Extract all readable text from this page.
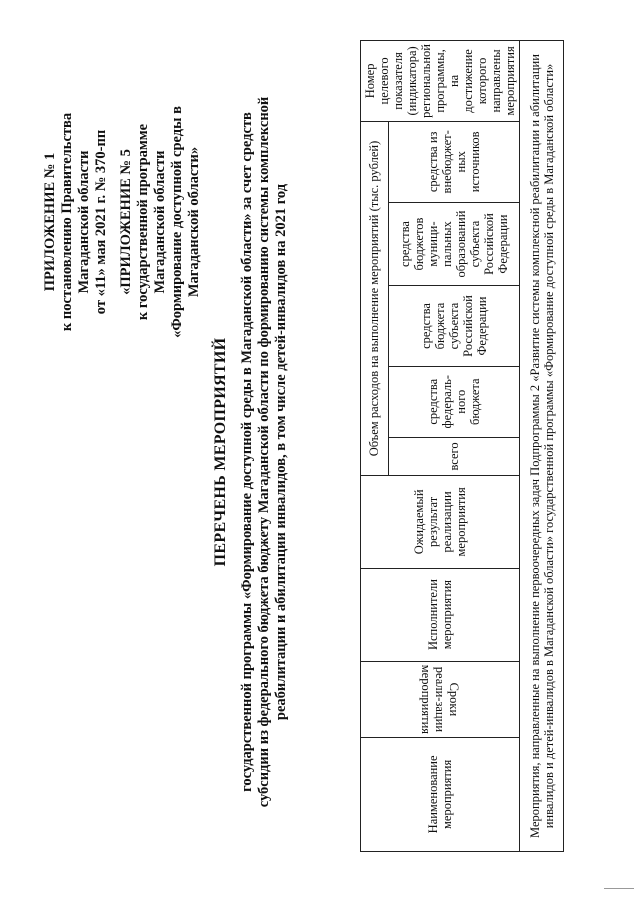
ПРИЛОЖЕНИЕ № 1 к постановлению Правительства Магаданской области от «11» мая 2021 г. № 370-пп «ПРИЛОЖЕНИЕ № 5 к государственной программе Магаданской области «Формирование доступной среды в Магаданской области»
ПЕРЕЧЕНЬ МЕРОПРИЯТИЙ государственной программы «Формирование доступной среды в Магаданской области» за счет средств субсидии из федерального бюджета бюджету Магаданской области по формированию системы комплексной реабилитации и абилитации инвалидов, в том числе детей-инвалидов на 2021 год
Наименование мероприятия	Сроки реали-зации мероприятия	Исполнители мероприятия	Ожидаемый результат реализации мероприятия	Объем расходов на выполнение мероприятий (тыс. рублей)					Номер целевого показателя (индикатора) региональной программы, на достижение которого направлены мероприятия
				всего	средства федераль-ного бюджета	средства бюджета субъекта Российской Федерации	средства бюджетов муници-пальных образований субъекта Российской Федерации	средства из внебюджет-ных источников	
Мероприятия, направленные на выполнение первоочередных задач Подпрограммы 2 «Развитие системы комплексной реабилитации и абилитации инвалидов и детей-инвалидов в Магаданской области» государственной программы «Формирование доступной среды в Магаданской области»									
